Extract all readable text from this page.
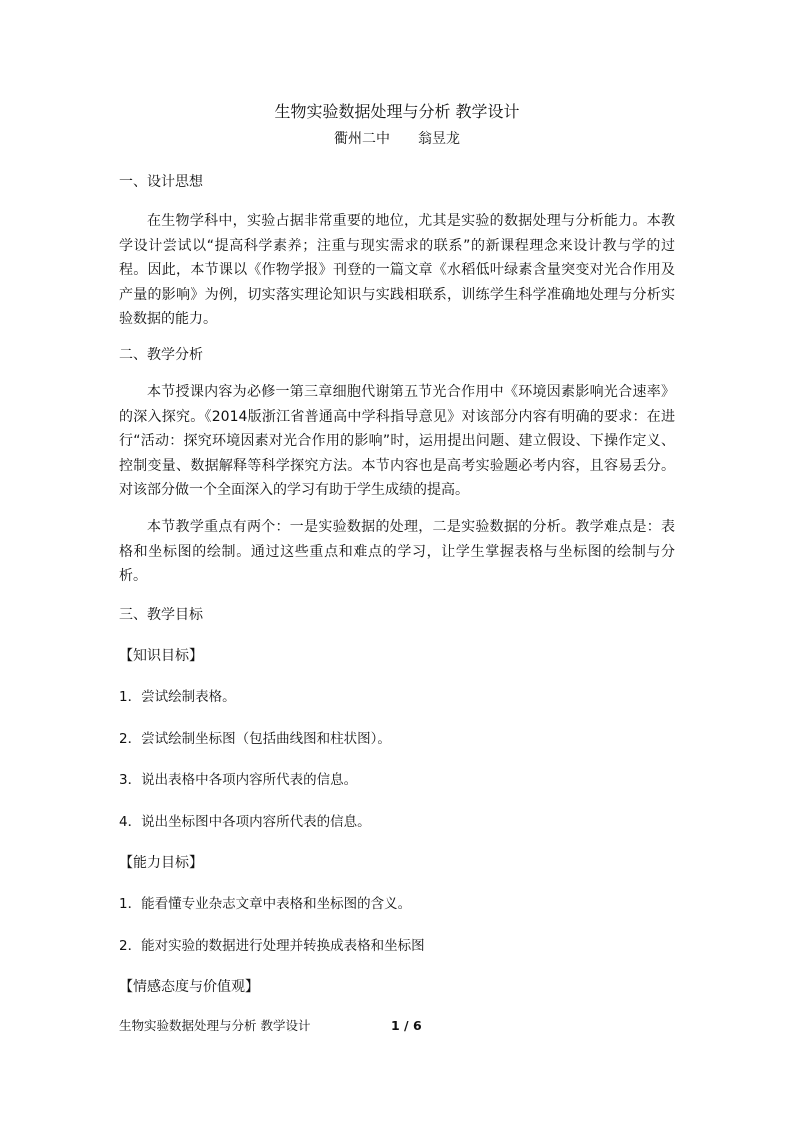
生物实验数据处理与分析 教学设计
衢州二中 翁昱龙
一、设计思想

在生物学科中，实验占据非常重要的地位，尤其是实验的数据处理与分析能力。本教学设计尝试以“提高科学素养；注重与现实需求的联系”的新课程理念来设计教与学的过程。因此，本节课以《作物学报》刊登的一篇文章《水稻低叶绿素含量突变对光合作用及产量的影响》为例，切实落实理论知识与实践相联系，训练学生科学准确地处理与分析实验数据的能力。

二、教学分析

本节授课内容为必修一第三章细胞代谢第五节光合作用中《环境因素影响光合速率》的深入探究。《2014版浙江省普通高中学科指导意见》对该部分内容有明确的要求：在进行“活动：探究环境因素对光合作用的影响”时，运用提出问题、建立假设、下操作定义、控制变量、数据解释等科学探究方法。本节内容也是高考实验题必考内容，且容易丢分。对该部分做一个全面深入的学习有助于学生成绩的提高。

本节教学重点有两个：一是实验数据的处理，二是实验数据的分析。教学难点是：表格和坐标图的绘制。通过这些重点和难点的学习，让学生掌握表格与坐标图的绘制与分析。

三、教学目标
【知识目标】
1．尝试绘制表格。
2．尝试绘制坐标图（包括曲线图和柱状图）。
3．说出表格中各项内容所代表的信息。
4．说出坐标图中各项内容所代表的信息。
【能力目标】
1．能看懂专业杂志文章中表格和坐标图的含义。
2．能对实验的数据进行处理并转换成表格和坐标图
【情感态度与价值观】
生物实验数据处理与分析 教学设计	1 / 6
